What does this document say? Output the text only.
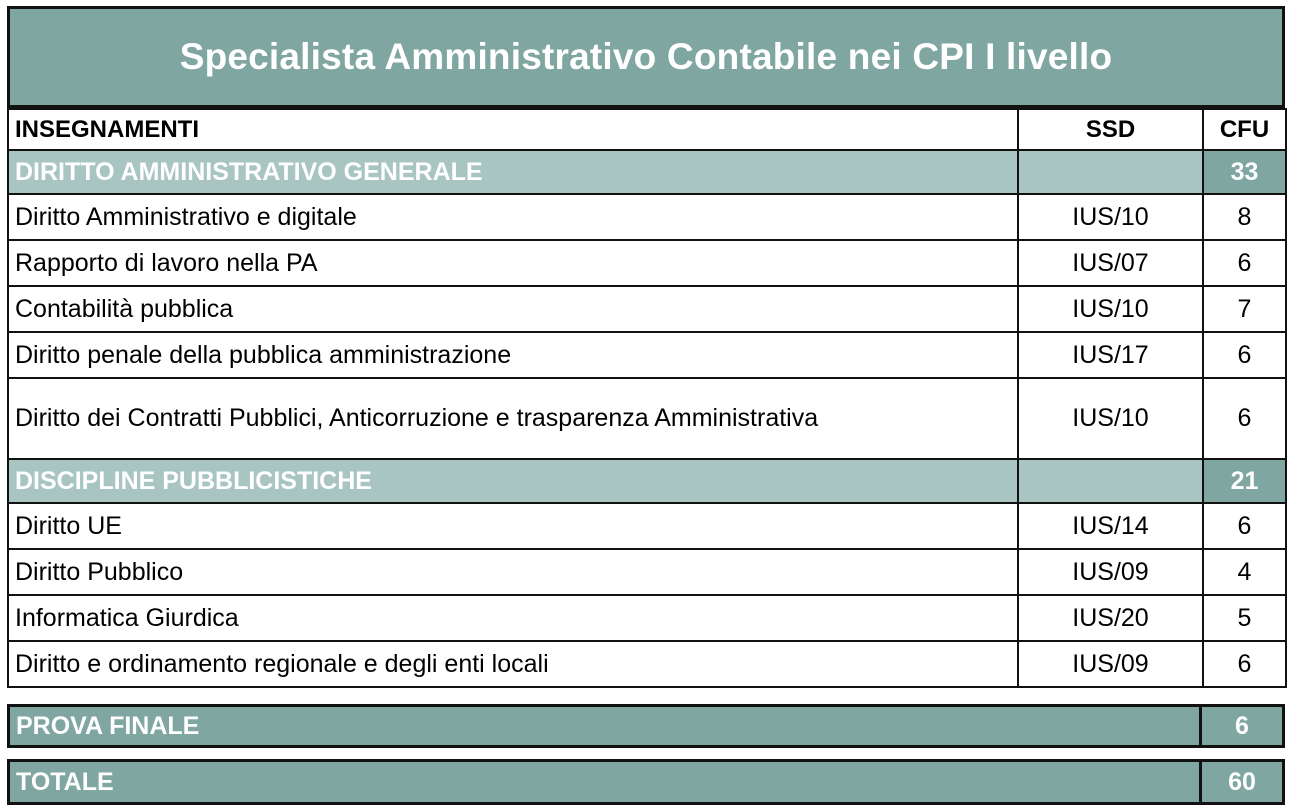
Specialista Amministrativo Contabile nei CPI I livello
INSEGNAMENTI	SSD	CFU
DIRITTO AMMINISTRATIVO GENERALE		33
Diritto Amministrativo e digitale	IUS/10	8
Rapporto di lavoro nella PA	IUS/07	6
Contabilità pubblica	IUS/10	7
Diritto penale della pubblica amministrazione	IUS/17	6
Diritto dei Contratti Pubblici, Anticorruzione e trasparenza Amministrativa	IUS/10	6
DISCIPLINE PUBBLICISTICHE		21
Diritto UE	IUS/14	6
Diritto Pubblico	IUS/09	4
Informatica Giurdica	IUS/20	5
Diritto e ordinamento regionale e degli enti locali	IUS/09	6
PROVA FINALE	6
TOTALE	60
